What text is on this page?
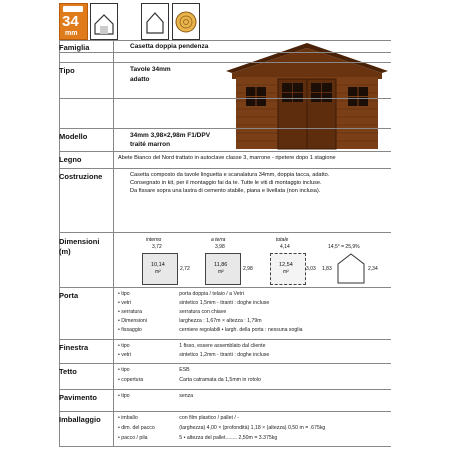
34
mm
Famiglia	Casetta doppia pendenza
Tipo	Tavole 34mm
adatto
Modello	34mm 3,98×2,98m F1/DPV
traité marron
Legno	Abete Bianco del Nord trattato in autoclave classe 3, marrone - ripetere dopo 1 stagione
Costruzione	Casetta composto da tavole linguetta e scanalatura 34mm, doppia tacca, adatto.
Consegnato in kit, per il montaggio fai da te. Tutte le viti di montaggio incluse.
Da fissare sopra una lastra di cemento stabile, piana e livellata (non inclusa).
Dimensioni
(m)
interno
3,72
10,14
m²	2,72
a terra
3,98
11,86
m²	2,98
totale
4,14
12,54
m²	3,03
14,5° = 25,9%
1,83	2,34
Porta	• tipo	porta doppia / telaio / a Vetri
• vetri	sintetico 1,5mm - tiranti : doghe incluse
• serratura	serratura con chiave
• Dimensioni	larghezza : 1,67m × altezza : 1,79m
• fissaggio	cerniere regolabili • largh. della porta : nessuna soglia
Finestra	• tipo	1 fisso, essere assemblato dal cliente
• vetri	sintetico 1,2mm - tiranti : doghe incluse
Tetto	• tipo	ESB
• copertura	Carta catramata da 1,5mm in rotolo
Pavimento	• tipo	senza
Imballaggio	• imballo	con film plastico / pallet / -
• dim. del pacco	(larghezza) 4,00 × (profondità) 1,18 × (altezza) 0,50 m = .675kg
• pacco / pila	5 • altezza del pallet........ 2,50m = 3.375kg
